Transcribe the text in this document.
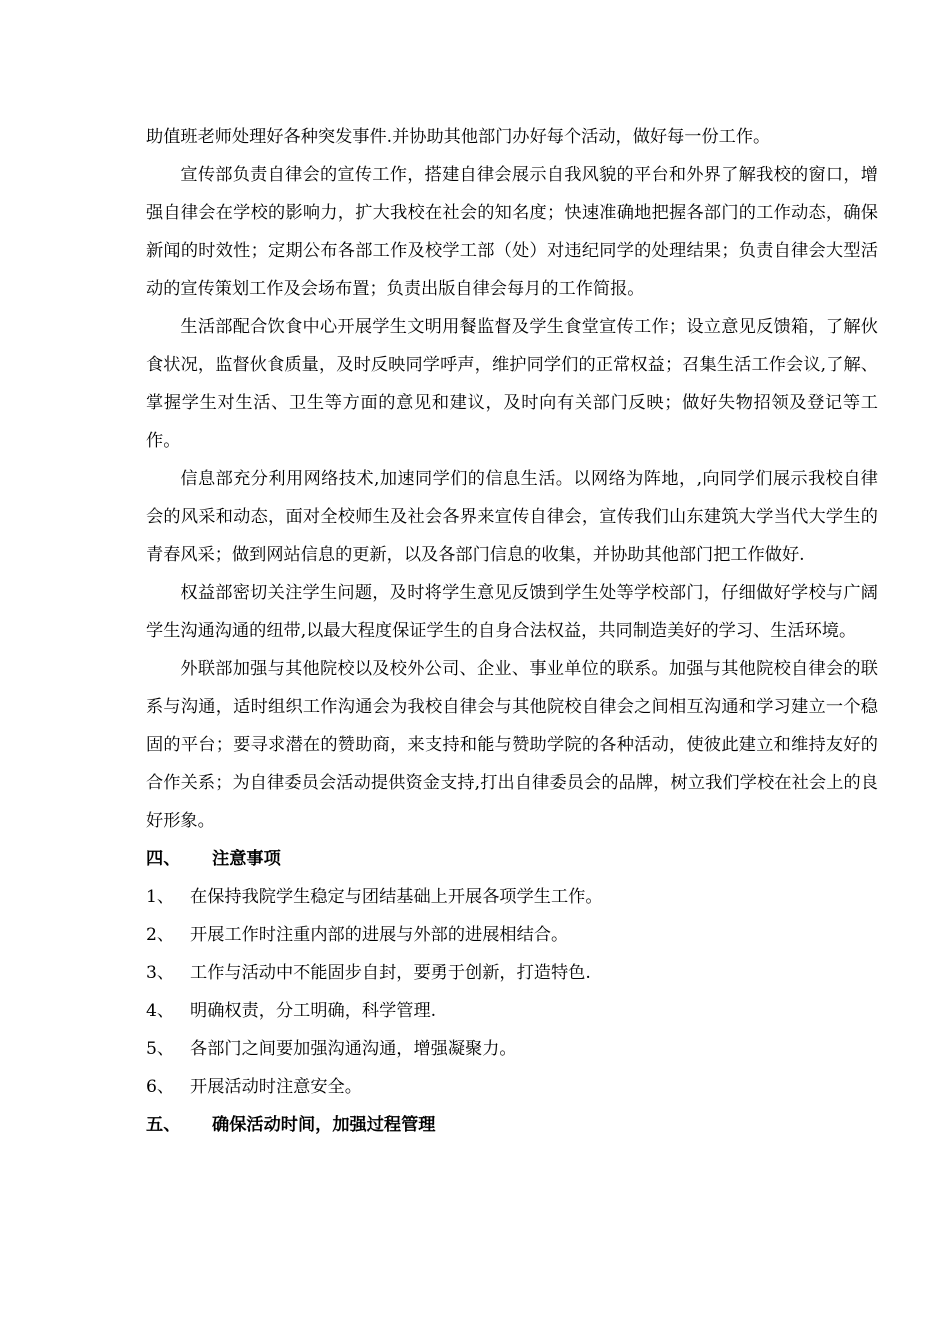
助值班老师处理好各种突发事件.并协助其他部门办好每个活动，做好每一份工作。

宣传部负责自律会的宣传工作，搭建自律会展示自我风貌的平台和外界了解我校的窗口，增强自律会在学校的影响力，扩大我校在社会的知名度；快速准确地把握各部门的工作动态，确保新闻的时效性；定期公布各部工作及校学工部（处）对违纪同学的处理结果；负责自律会大型活动的宣传策划工作及会场布置；负责出版自律会每月的工作简报。

生活部配合饮食中心开展学生文明用餐监督及学生食堂宣传工作；设立意见反馈箱，了解伙食状况，监督伙食质量，及时反映同学呼声，维护同学们的正常权益；召集生活工作会议,了解、掌握学生对生活、卫生等方面的意见和建议，及时向有关部门反映；做好失物招领及登记等工作。

信息部充分利用网络技术,加速同学们的信息生活。以网络为阵地，,向同学们展示我校自律会的风采和动态，面对全校师生及社会各界来宣传自律会，宣传我们山东建筑大学当代大学生的青春风采；做到网站信息的更新，以及各部门信息的收集，并协助其他部门把工作做好.

权益部密切关注学生问题，及时将学生意见反馈到学生处等学校部门，仔细做好学校与广阔学生沟通沟通的纽带,以最大程度保证学生的自身合法权益，共同制造美好的学习、生活环境。

外联部加强与其他院校以及校外公司、企业、事业单位的联系。加强与其他院校自律会的联系与沟通，适时组织工作沟通会为我校自律会与其他院校自律会之间相互沟通和学习建立一个稳固的平台；要寻求潜在的赞助商，来支持和能与赞助学院的各种活动，使彼此建立和维持友好的合作关系；为自律委员会活动提供资金支持,打出自律委员会的品牌，树立我们学校在社会上的良好形象。

四、 注意事项

1、 在保持我院学生稳定与团结基础上开展各项学生工作。

2、 开展工作时注重内部的进展与外部的进展相结合。

3、 工作与活动中不能固步自封，要勇于创新，打造特色.

4、 明确权责，分工明确，科学管理.

5、 各部门之间要加强沟通沟通，增强凝聚力。

6、 开展活动时注意安全。

五、 确保活动时间，加强过程管理
